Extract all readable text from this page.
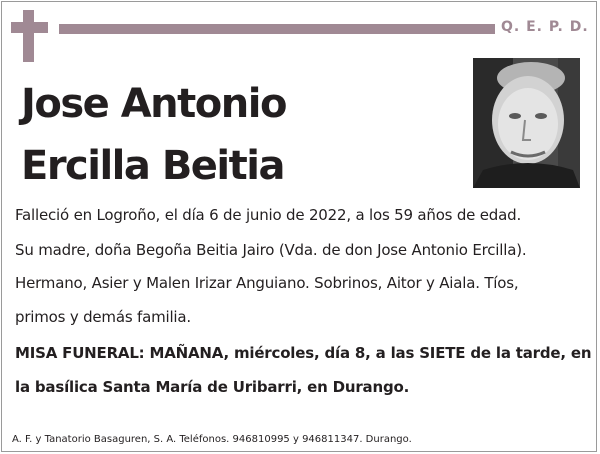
Q. E. P. D.
Jose Antonio
Ercilla Beitia
Falleció en Logroño, el día 6 de junio de 2022, a los 59 años de edad.
Su madre, doña Begoña Beitia Jairo (Vda. de don Jose Antonio Ercilla).
Hermano, Asier y Malen Irizar Anguiano. Sobrinos, Aitor y Aiala. Tíos,
primos y demás familia.
MISA FUNERAL: MAÑANA, miércoles, día 8, a las SIETE de la tarde, en
la basílica Santa María de Uribarri, en Durango.
A. F. y Tanatorio Basaguren, S. A. Teléfonos. 946810995 y 946811347. Durango.
